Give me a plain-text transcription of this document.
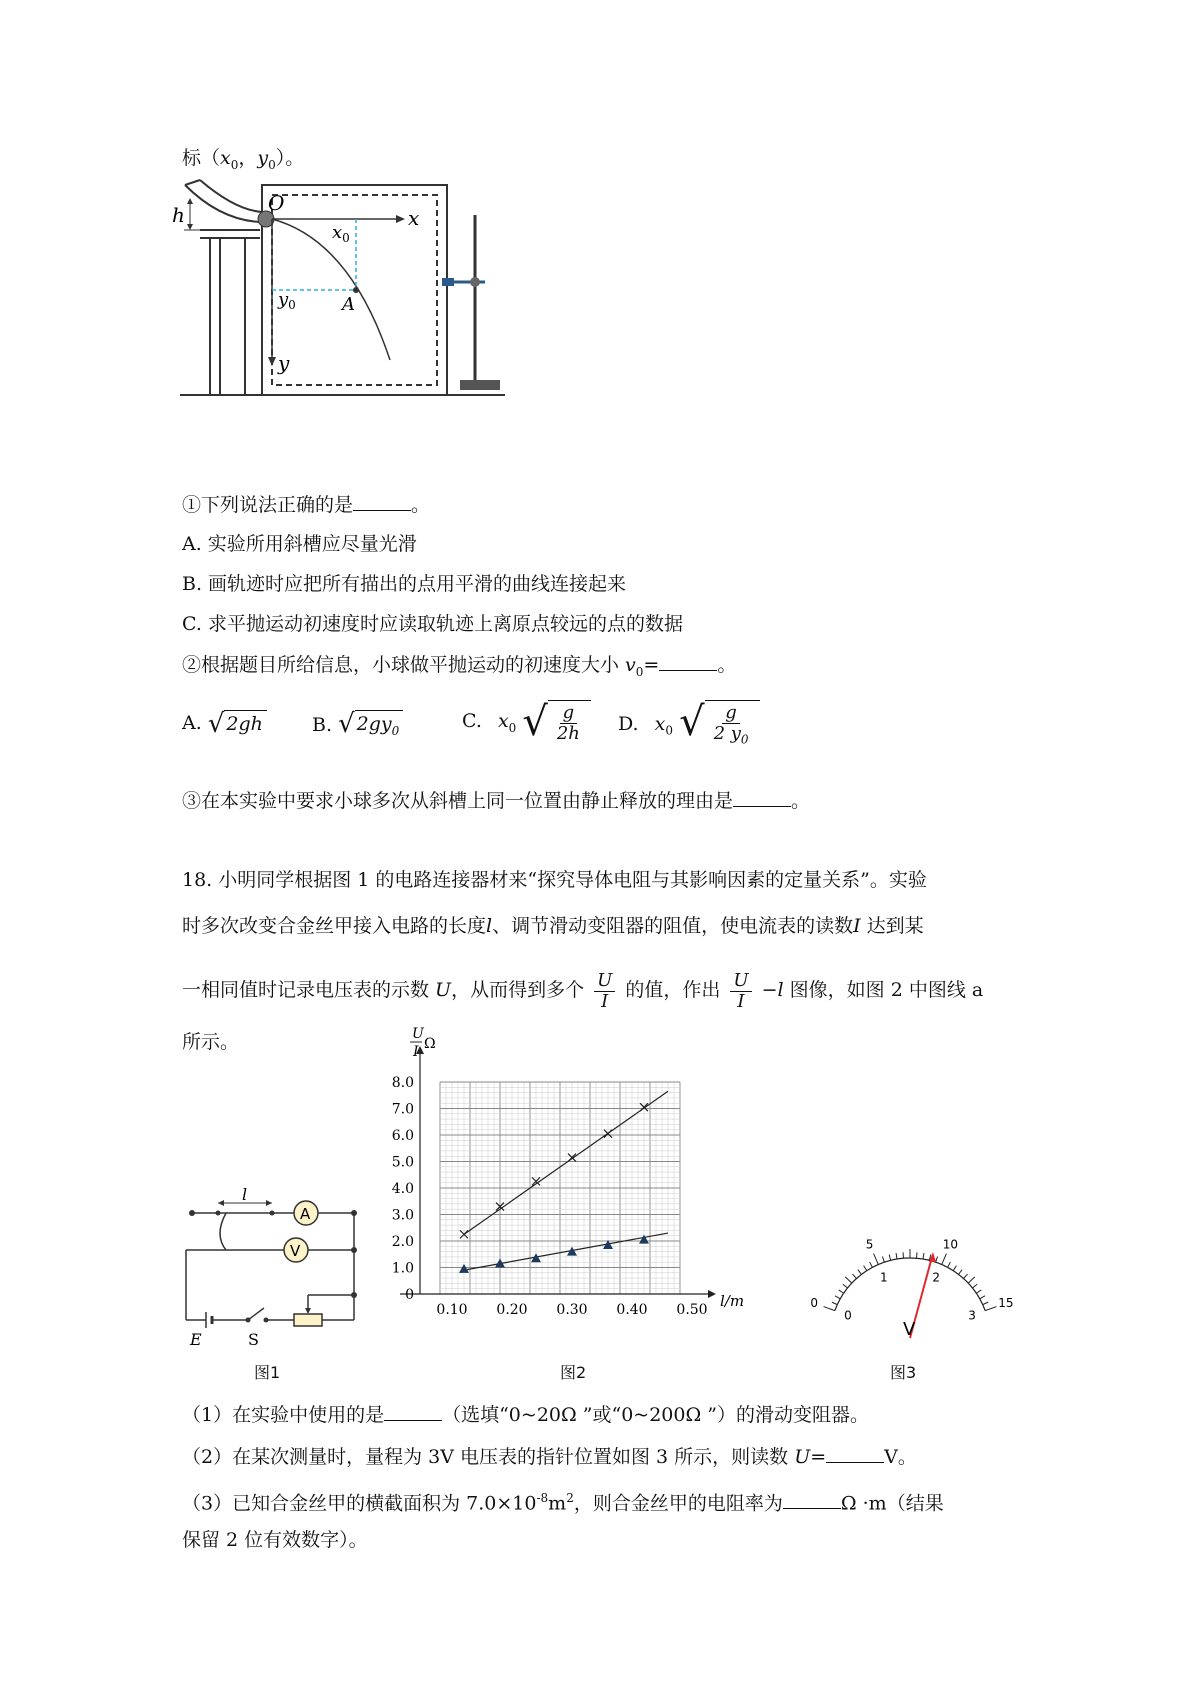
标（$x_0$，$y_0$）。
h	O
x
y
$x_0$
$y_0$	A
①下列说法正确的是	。
A. 实验所用斜槽应尽量光滑
B. 画轨迹时应把所有描出的点用平滑的曲线连接起来
C. 求平抛运动初速度时应读取轨迹上离原点较远的点的数据
②根据题目所给信息，小球做平抛运动的初速度大小 $v_0=$	。
A. √ 2gh	B. √ $2gy_0$	C. $x_0$ √ $\frac{g}{2h} D$. $x_0$ √ $\frac{g}{2 y_0}$
③在本实验中要求小球多次从斜槽上同一位置由静止释放的理由是	。
18. 小明同学根据图 1 的电路连接器材来“探究导体电阻与其影响因素的定量关系”。实验
时多次改变合金丝甲接入电路的长度l、调节滑动变阻器的阻值，使电流表的读数I 达到某
一相同值时记录电压表的示数 U，从而得到多个 $\frac{U}{I}$ 的值，作出 $\frac{U}{I} -l$ 图像，如图 2 中图线 a
所示。
l
A
V
E	S
图1
0
1.0
2.0
3.0
4.0
5.0
6.0
7.0
8.0
0.10 0.20 0.30 0.40 0.50 l/m
U
I Ω
图2
0
5	10
15
0
1	2
3
V
图3
（1）在实验中使用的是	（选填“0~20Ω ”或“0~200Ω ”）的滑动变阻器。
（2）在某次测量时，量程为 3V 电压表的指针位置如图 3 所示，则读数 U=	V。
（3）已知合金丝甲的横截面积为 $7.0\times 10^{-8}m^2$，则合金丝甲的电阻率为	Ω ·m（结果
保留 2 位有效数字）。
